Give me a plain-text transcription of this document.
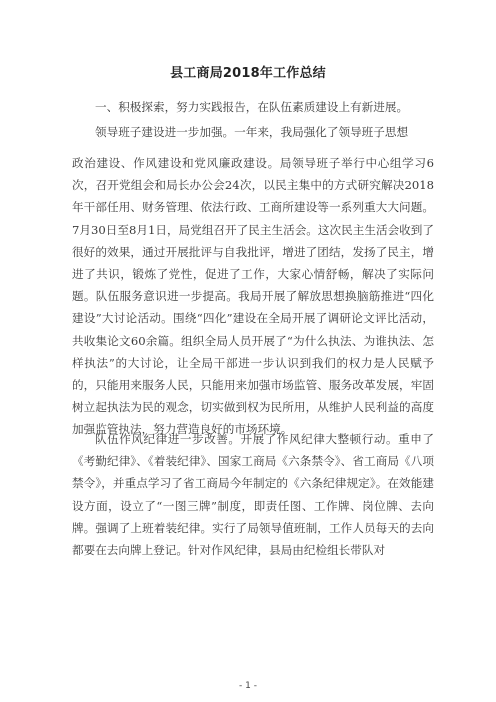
县工商局2018年工作总结

一、积极探索，努力实践报告，在队伍素质建设上有新进展。

领导班子建设进一步加强。一年来，我局强化了领导班子思想

政治建设、作风建设和党风廉政建设。局领导班子举行中心组学习6次，召开党组会和局长办公会24次，以民主集中的方式研究解决2018年干部任用、财务管理、依法行政、工商所建设等一系列重大大问题。7月30日至8月1日，局党组召开了民主生活会。这次民主生活会收到了很好的效果，通过开展批评与自我批评，增进了团结，发扬了民主，增进了共识，锻炼了党性，促进了工作，大家心情舒畅，解决了实际问题。队伍服务意识进一步提高。我局开展了解放思想换脑筋推进“四化建设”大讨论活动。围绕“四化”建设在全局开展了调研论文评比活动，共收集论文60余篇。组织全局人员开展了“为什么执法、为谁执法、怎样执法”的大讨论，让全局干部进一步认识到我们的权力是人民赋予的，只能用来服务人民，只能用来加强市场监管、服务改革发展，牢固树立起执法为民的观念，切实做到权为民所用，从维护人民利益的高度加强监管执法，努力营造良好的市场环境。

队伍作风纪律进一步改善。开展了作风纪律大整顿行动。重申了《考勤纪律》、《着装纪律》、国家工商局《六条禁令》、省工商局《八项禁令》，并重点学习了省工商局今年制定的《六条纪律规定》。在效能建设方面，设立了“一图三牌”制度，即责任图、工作牌、岗位牌、去向牌。强调了上班着装纪律。实行了局领导值班制，工作人员每天的去向都要在去向牌上登记。针对作风纪律，县局由纪检组长带队对

- 1 -
